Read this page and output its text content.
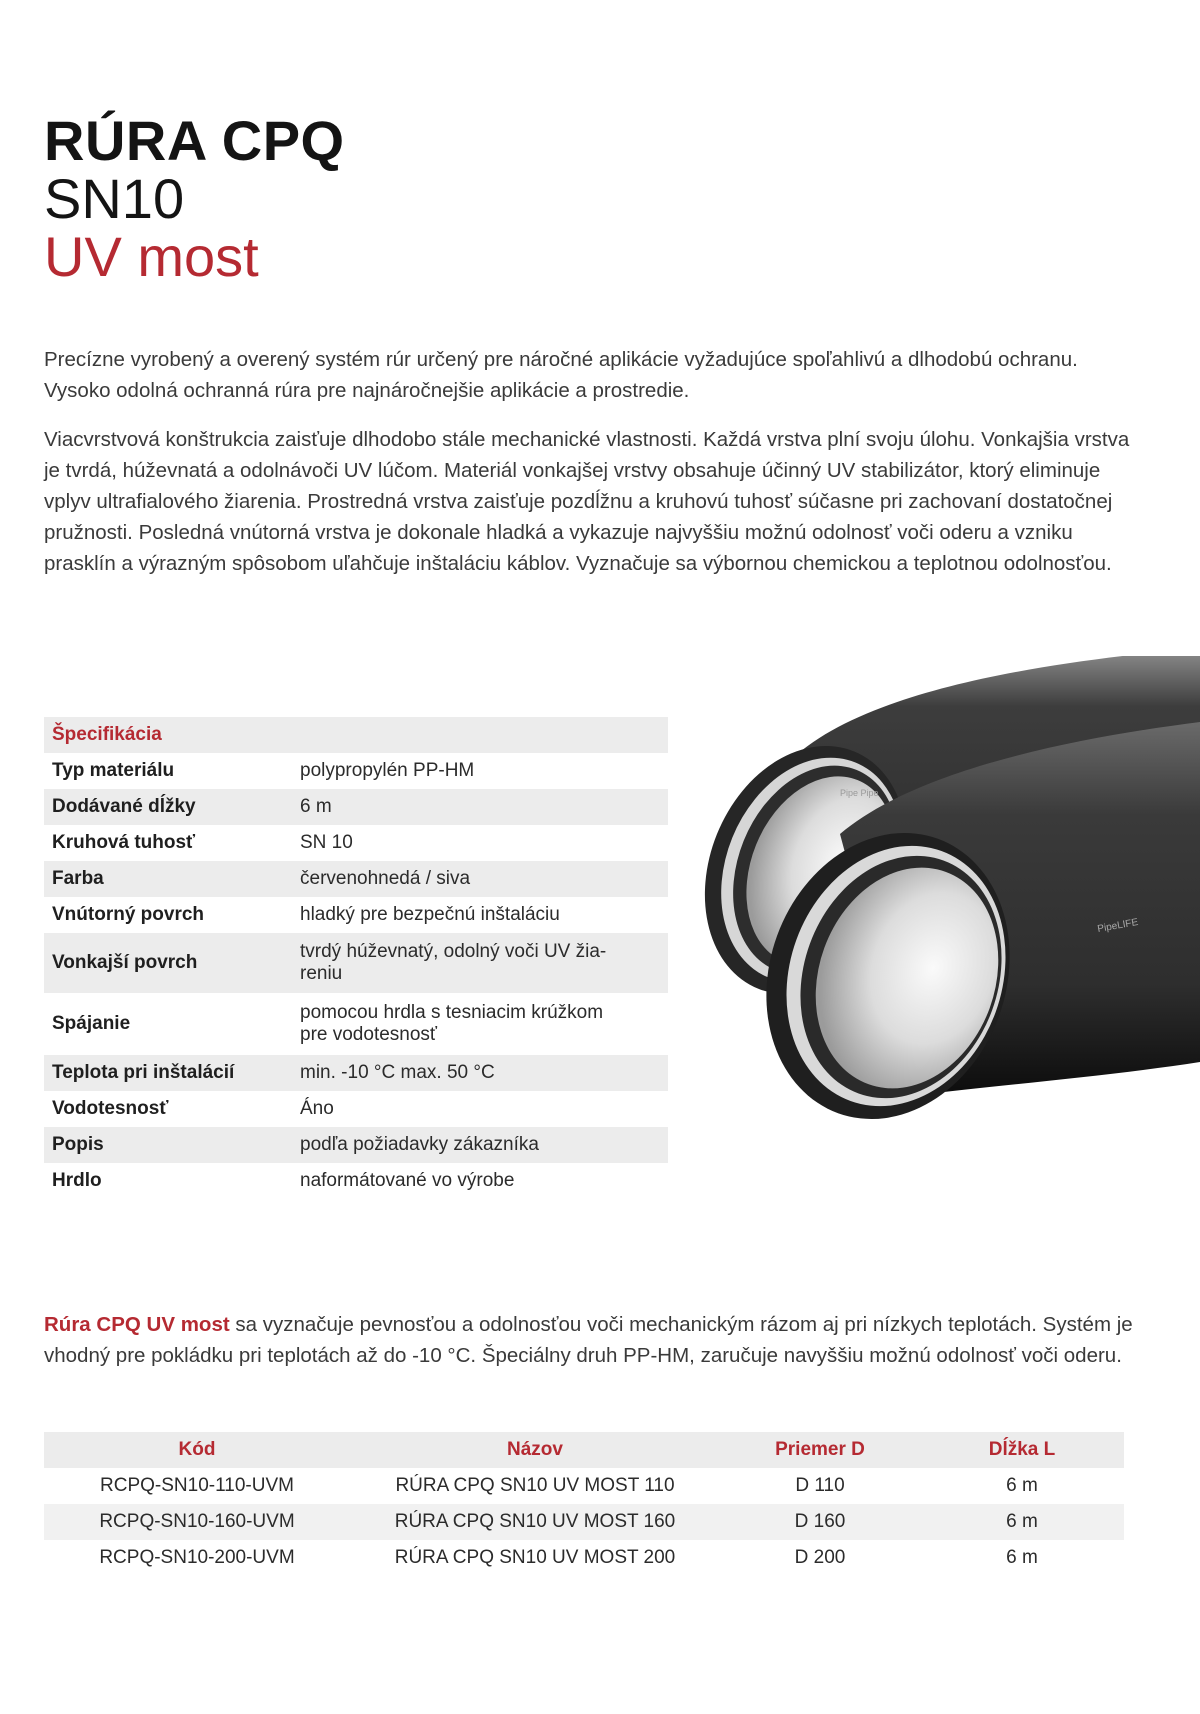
RÚRA CPQ
SN10
UV most

Precízne vyrobený a overený systém rúr určený pre náročné aplikácie vyžadujúce spoľahlivú a dlhodobú ochranu. Vysoko odolná ochranná rúra pre najnáročnejšie aplikácie a prostredie.

Viacvrstvová konštrukcia zaisťuje dlhodobo stále mechanické vlastnosti. Každá vrstva plní svoju úlohu. Vonkajšia vrstva je tvrdá, húževnatá a odolnávoči UV lúčom. Materiál vonkajšej vrstvy obsahuje účinný UV stabilizátor, ktorý eliminuje vplyv ultrafialového žiarenia. Prostredná vrstva zaisťuje pozdĺžnu a kruhovú tuhosť súčasne pri zachovaní dostatočnej pružnosti. Posledná vnútorná vrstva je dokonale hladká a vykazuje najvyššiu možnú odolnosť voči oderu a vzniku prasklín a výrazným spôsobom uľahčuje inštaláciu káblov. Vyznačuje sa výbornou chemickou a teplotnou odolnosťou.

Špecifikácia	
Typ materiálu	polypropylén PP-HM
Dodávané dĺžky	6 m
Kruhová tuhosť	SN 10
Farba	červenohnedá / siva
Vnútorný povrch	hladký pre bezpečnú inštaláciu
Vonkajší povrch	tvrdý húževnatý, odolný voči UV žia-
reniu
Spájanie	pomocou hrdla s tesniacim krúžkom
pre vodotesnosť
Teplota pri inštalácií	min. -10 °C max. 50 °C
Vodotesnosť	Áno
Popis	podľa požiadavky zákazníka
Hrdlo	naformátované vo výrobe
Pipe Pipe
PipeLIFE

Rúra CPQ UV most sa vyznačuje pevnosťou a odolnosťou voči mechanickým rázom aj pri nízkych teplotách. Systém je vhodný pre pokládku pri teplotách až do -10 °C. Špeciálny druh PP-HM, zaručuje navyššiu možnú odolnosť voči oderu.

Kód	Názov	Priemer D	Dĺžka L
RCPQ-SN10-110-UVM	RÚRA CPQ SN10 UV MOST 110	D 110	6 m
RCPQ-SN10-160-UVM	RÚRA CPQ SN10 UV MOST 160	D 160	6 m
RCPQ-SN10-200-UVM	RÚRA CPQ SN10 UV MOST 200	D 200	6 m
